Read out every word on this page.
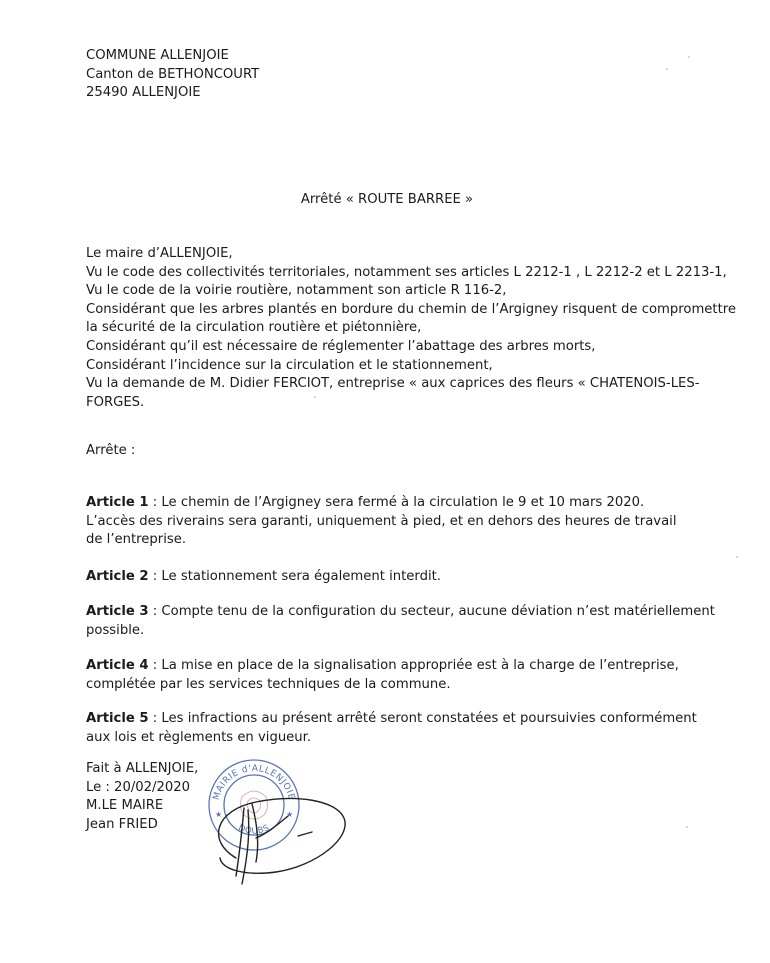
COMMUNE ALLENJOIE
Canton de BETHONCOURT
25490 ALLENJOIE
Arrêté « ROUTE BARREE »
Le maire d’ALLENJOIE,
Vu le code des collectivités territoriales, notamment ses articles L 2212-1 , L 2212-2 et L 2213-1,
Vu le code de la voirie routière, notamment son article R 116-2,
Considérant que les arbres plantés en bordure du chemin de l’Argigney risquent de compromettre
la sécurité de la circulation routière et piétonnière,
Considérant qu’il est nécessaire de réglementer l’abattage des arbres morts,
Considérant l’incidence sur la circulation et le stationnement,
Vu la demande de M. Didier FERCIOT, entreprise « aux caprices des fleurs « CHATENOIS-LES-
FORGES.
Arrête :
Article 1 : Le chemin de l’Argigney sera fermé à la circulation le 9 et 10 mars 2020.
L’accès des riverains sera garanti, uniquement à pied, et en dehors des heures de travail
de l’entreprise.
Article 2 : Le stationnement sera également interdit.
Article 3 : Compte tenu de la configuration du secteur, aucune déviation n’est matériellement
possible.
Article 4 : La mise en place de la signalisation appropriée est à la charge de l’entreprise,
complétée par les services techniques de la commune.
Article 5 : Les infractions au présent arrêté seront constatées et poursuivies conformément
aux lois et règlements en vigueur.
Fait à ALLENJOIE,
Le : 20/02/2020
M.LE MAIRE
Jean FRIED
MAIRIE d'ALLENJOIE
DOUBS
★	★
